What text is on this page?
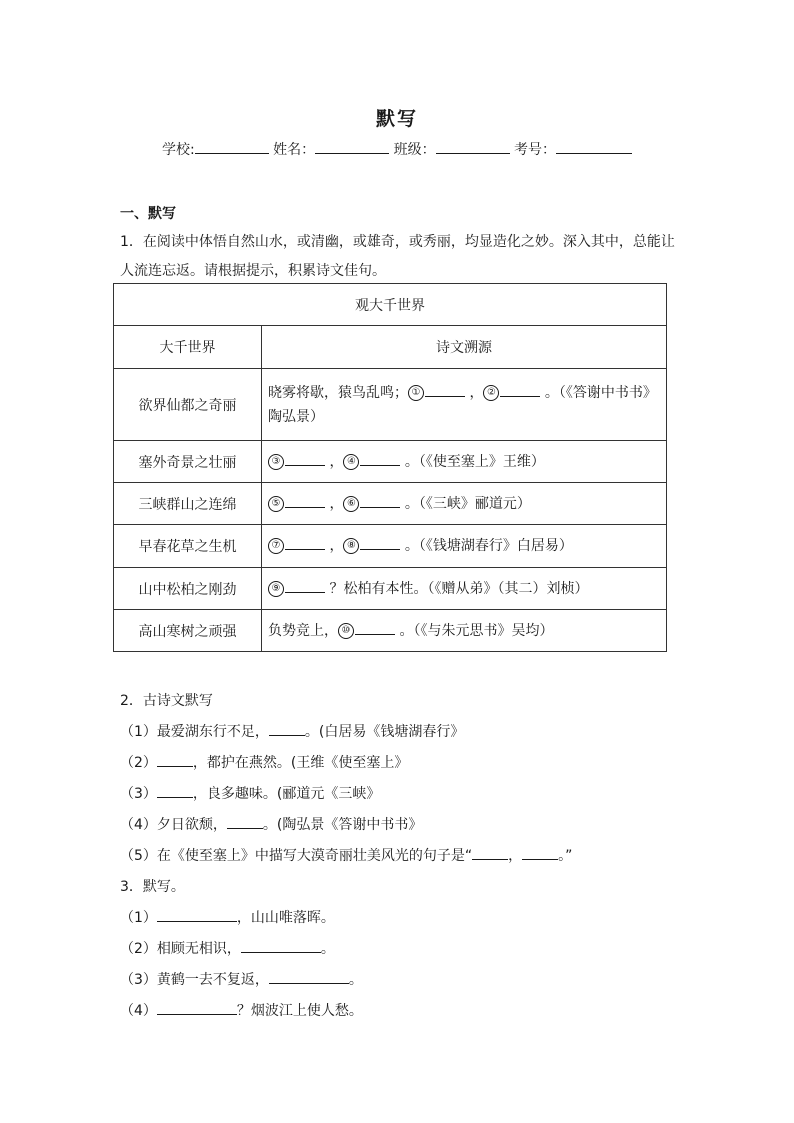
默写
学校:	姓名：	班级：	考号：
一、默写
1．在阅读中体悟自然山水，或清幽，或雄奇，或秀丽，均显造化之妙。深入其中，总能让人流连忘返。请根据提示，积累诗文佳句。
观大千世界	
大千世界	诗文溯源
欲界仙都之奇丽	晓雾将歇，猿鸟乱鸣； ① ， ② 。（《答谢中书书》陶弘景）
塞外奇景之壮丽	③ ， ④ 。（《使至塞上》王维）
三峡群山之连绵	⑤ ， ⑥ 。（《三峡》郦道元）
早春花草之生机	⑦ ， ⑧ 。（《钱塘湖春行》白居易）
山中松柏之刚劲	⑨ ？松柏有本性。（《赠从弟》（其二）刘桢）
高山寒树之顽强	负势竞上， ⑩ 。（《与朱元思书》吴均）
2．古诗文默写
（1）最爱湖东行不足，	。(白居易《钱塘湖春行》
（2）	，都护在燕然。(王维《使至塞上》
（3）	，良多趣味。(郦道元《三峡》
（4）夕日欲颓，	。(陶弘景《答谢中书书》
（5）在《使至塞上》中描写大漠奇丽壮美风光的句子是“	，	。”
3．默写。
（1）	，山山唯落晖。
（2）相顾无相识，	。
（3）黄鹤一去不复返，	。
（4）	？烟波江上使人愁。
